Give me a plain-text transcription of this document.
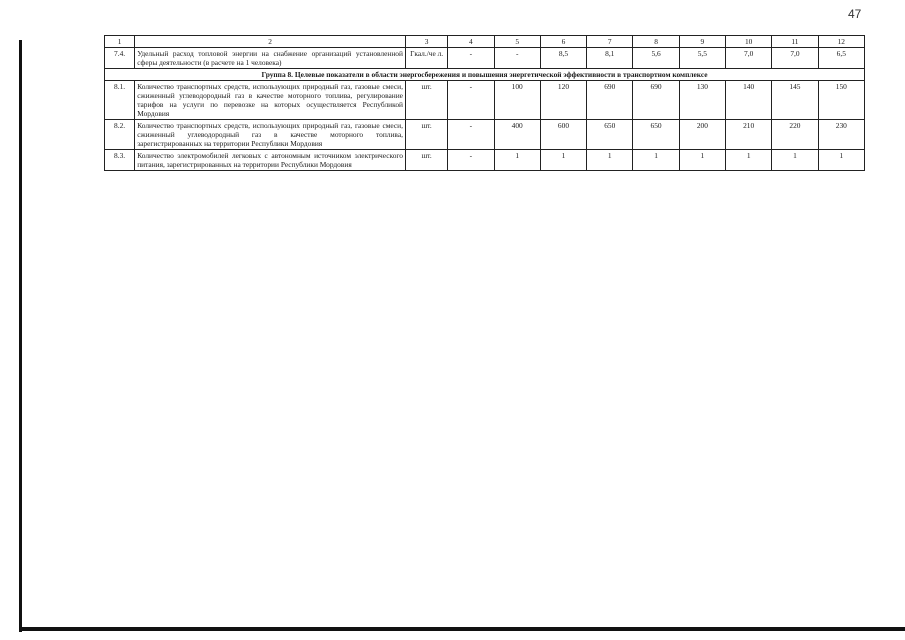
47
1	2	3	4	5	6	7	8	9	10	11	12
7.4.	Удельный расход топловой энергии на снабжение организаций установленной сферы деятельности (в расчете на 1 человека)	Гкал./че л.	-	-	8,5	8,1	5,6	5,5	7,0	7,0	6,5
Группа 8. Целевые показатели в области энергосбережения и повышения энергетической эффективности в транспортном комплексе											
8.1.	Количество транспортных средств, использующих природный газ, газовые смеси, сжиженный углеводородный газ в качестве моторного топлива, регулирование тарифов на услуги по перевозке на которых осуществляется Республикой Мордовия	шт.	-	100	120	690	690	130	140	145	150
8.2.	Количество транспортных средств, использующих природный газ, газовые смеси, сжиженный углеводородный газ в качестве моторного топлива, зарегистрированных на территории Республики Мордовия	шт.	-	400	600	650	650	200	210	220	230
8.3.	Количество электромобилей легковых с автономным источником электрического питания, зарегистрированных на территории Республики Мордовия	шт.	-	1	1	1	1	1	1	1	1
